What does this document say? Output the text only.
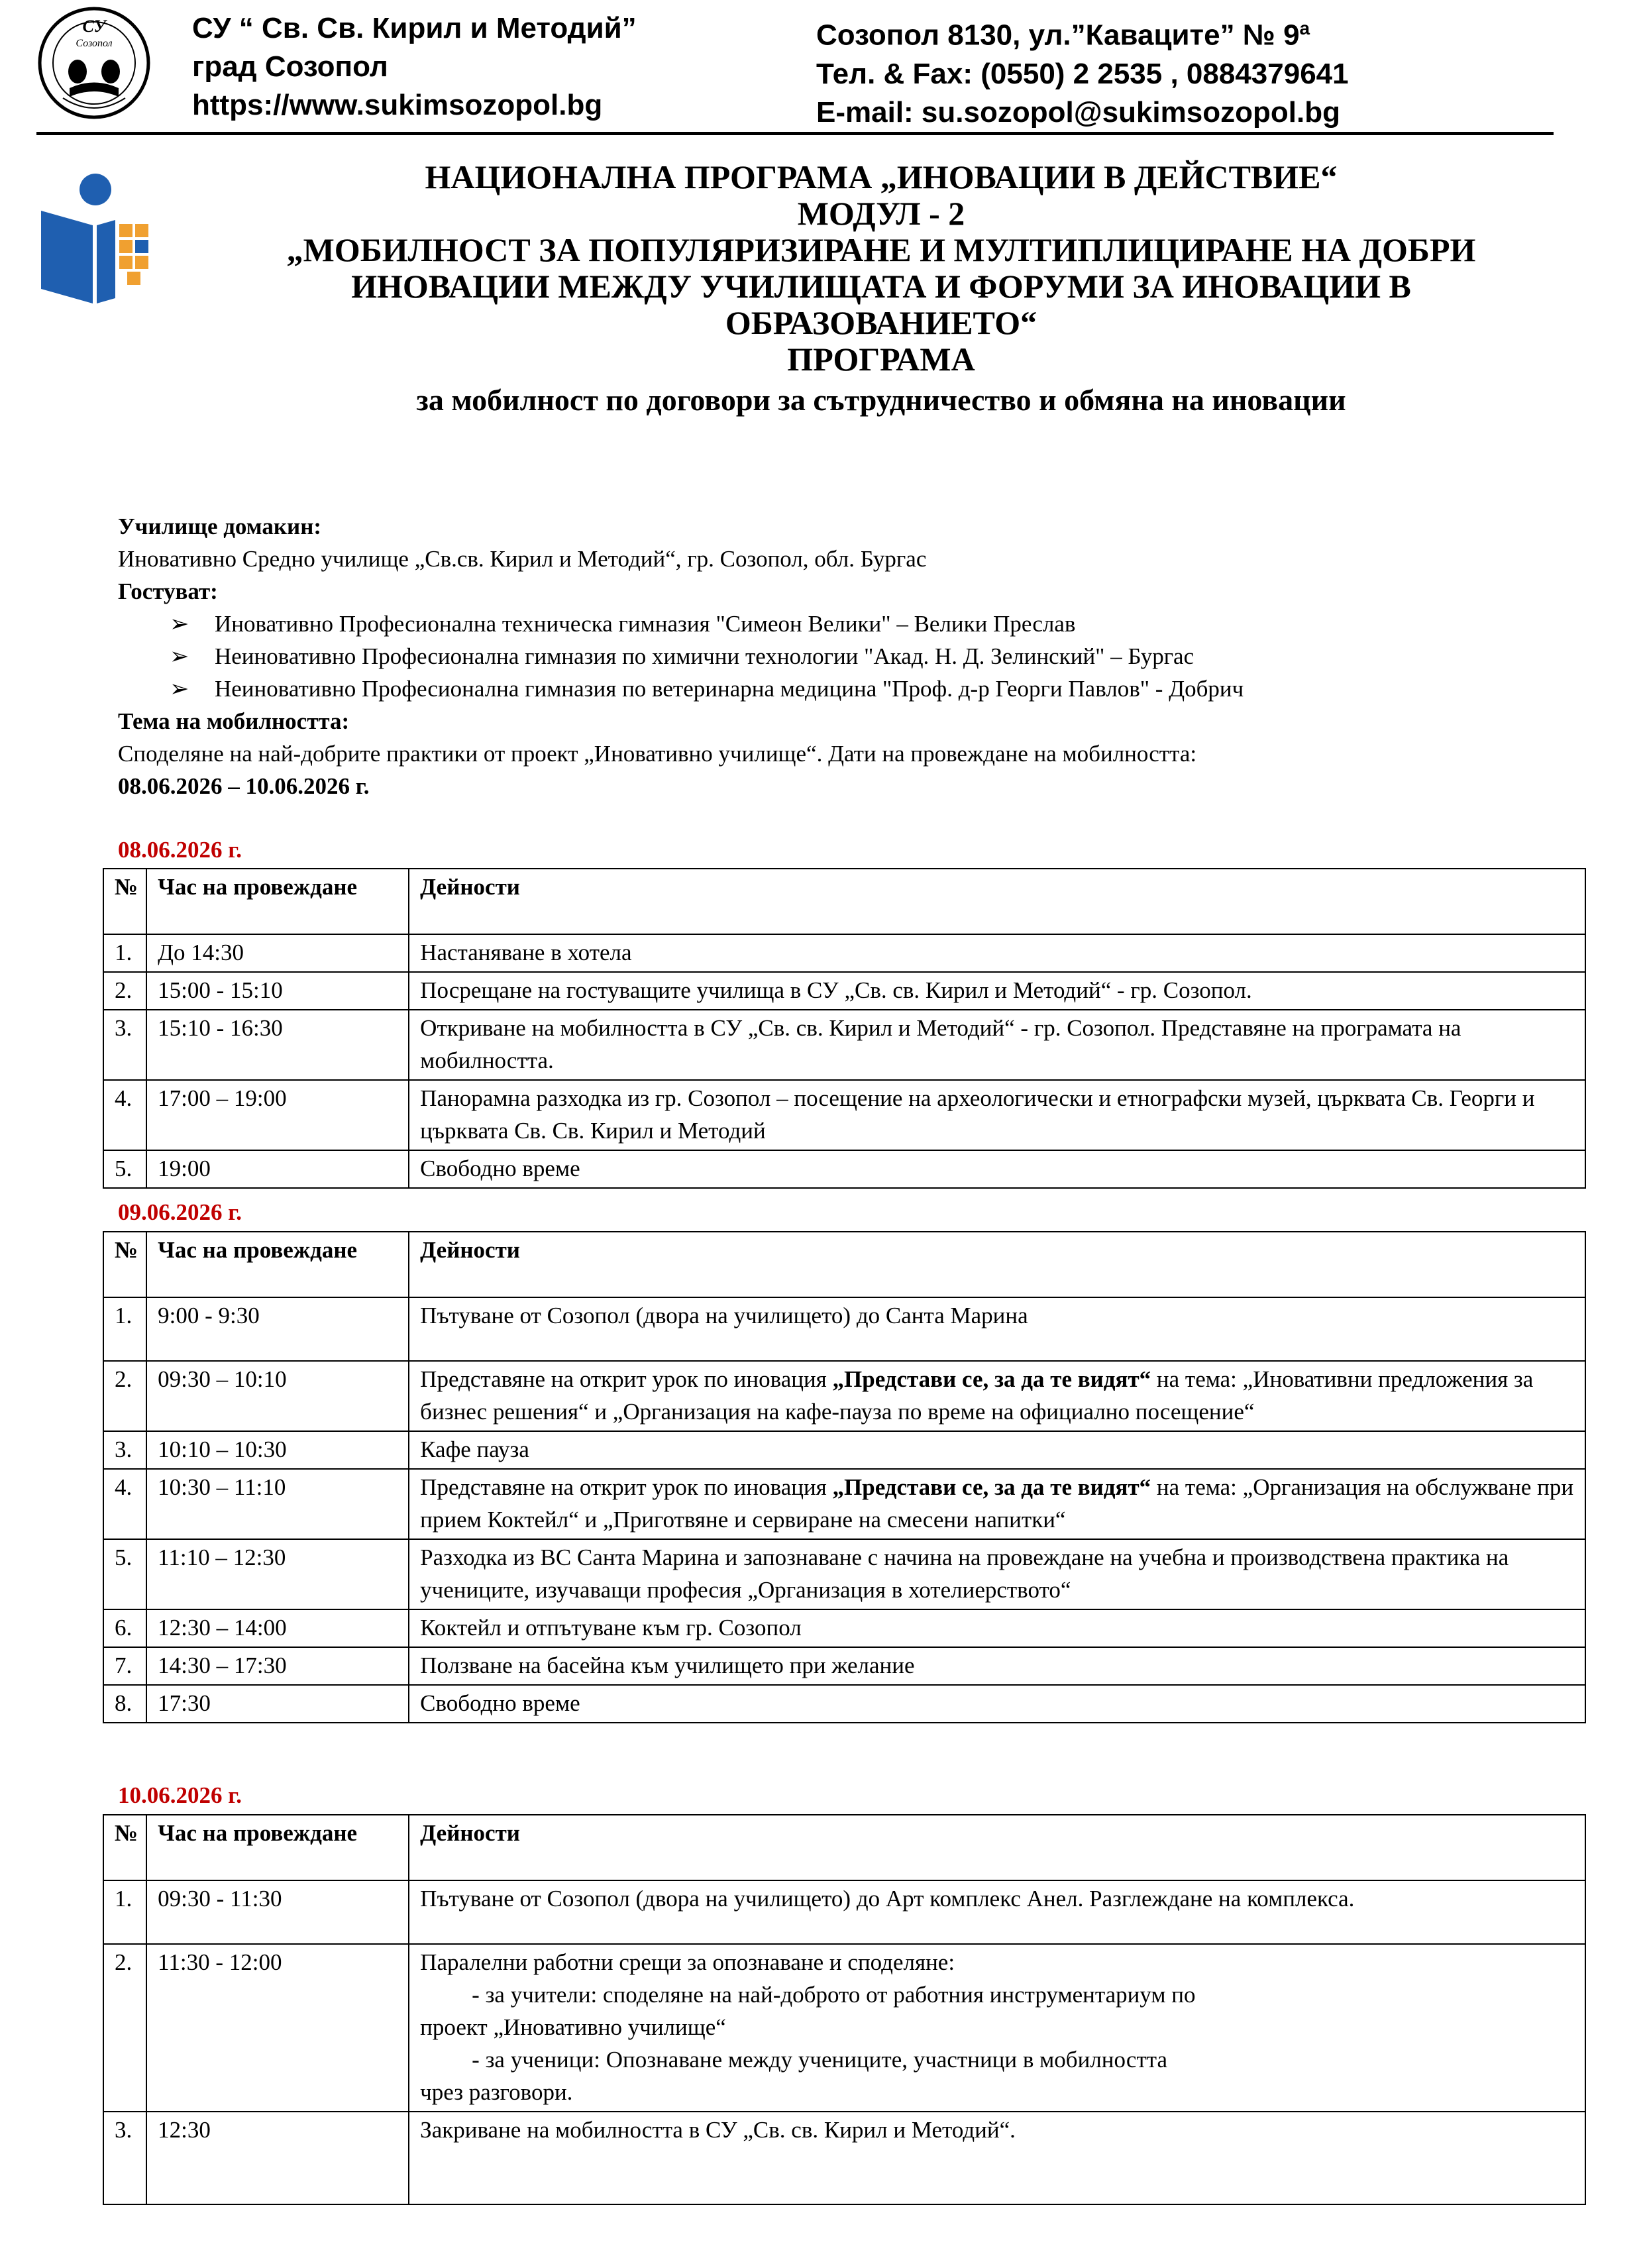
СУ
Созопол	СУ “ Св. Св. Кирил и Методий”
град Созопол
https://www.sukimsozopol.bg
Созопол 8130, ул.”Кавацитe” № $9^а$
Тел. & Fax: (0550) 2 2535 , 0884379641
E-mail: su.sozopol@sukimsozopol.bg
НАЦИОНАЛНА ПРОГРАМА „ИНОВАЦИИ В ДЕЙСТВИЕ“
МОДУЛ - 2
„МОБИЛНОСТ ЗА ПОПУЛЯРИЗИРАНЕ И МУЛТИПЛИЦИРАНЕ НА ДОБРИ
ИНОВАЦИИ МЕЖДУ УЧИЛИЩАТА И ФОРУМИ ЗА ИНОВАЦИИ В
ОБРАЗОВАНИЕТО“
ПРОГРАМА
за мобилност по договори за сътрудничество и обмяна на иновации
Училище домакин:
Иновативно Средно училище „Св.св. Кирил и Методий“, гр. Созопол, обл. Бургас
Гостуват:
➢ Иновативно Професионална техническа гимназия "Симеон Велики" – Велики Преслав
➢ Неиновативно Професионална гимназия по химични технологии "Акад. Н. Д. Зелинский" – Бургас
➢ Неиновативно Професионална гимназия по ветеринарна медицина "Проф. д-р Георги Павлов" - Добрич
Тема на мобилността:
Споделяне на най-добрите практики от проект „Иновативно училище“. Дати на провеждане на мобилността:
08.06.2026 – 10.06.2026 г.
08.06.2026 г.
№	Час на провеждане	Дейности
1.	До 14:30	Настаняване в хотела
2.	15:00 - 15:10	Посрещане на гостуващите училища в СУ „Св. св. Кирил и Методий“ - гр. Созопол.
3.	15:10 - 16:30	Откриване на мобилността в СУ „Св. св. Кирил и Методий“ - гр. Созопол. Представяне на програмата на мобилността.
4.	17:00 – 19:00	Панорамна разходка из гр. Созопол – посещение на археологически и етнографски музей, църквата Св. Георги и църквата Св. Св. Кирил и Методий
5.	19:00	Свободно време
09.06.2026 г.
№	Час на провеждане	Дейности
1.	9:00 - 9:30	Пътуване от Созопол (двора на училището) до Санта Марина
2.	09:30 – 10:10	Представяне на открит урок по иновация „Представи се, за да те видят“ на тема: „Иновативни предложения за бизнес решения“ и „Организация на кафе-пауза по време на официално посещение“
3.	10:10 – 10:30	Кафе пауза
4.	10:30 – 11:10	Представяне на открит урок по иновация „Представи се, за да те видят“ на тема: „Организация на обслужване при прием Коктейл“ и „Приготвяне и сервиране на смесени напитки“
5.	11:10 – 12:30	Разходка из ВС Санта Марина и запознаване с начина на провеждане на учебна и производствена практика на учениците, изучаващи професия „Организация в хотелиерството“
6.	12:30 – 14:00	Коктейл и отпътуване към гр. Созопол
7.	14:30 – 17:30	Ползване на басейна към училището при желание
8.	17:30	Свободно време
10.06.2026 г.
№	Час на провеждане	Дейности
1.	09:30 - 11:30	Пътуване от Созопол (двора на училището) до Арт комплекс Анел. Разглеждане на комплекса.
2.	11:30 - 12:00	Паралелни работни срещи за опознаване и споделяне:
- за учители: споделяне на най-доброто от работния инструментариум по
проект „Иновативно училище“
- за ученици: Опознаване между учениците, участници в мобилността
чрез разговори.

3.	12:30	Закриване на мобилността в СУ „Св. св. Кирил и Методий“.
